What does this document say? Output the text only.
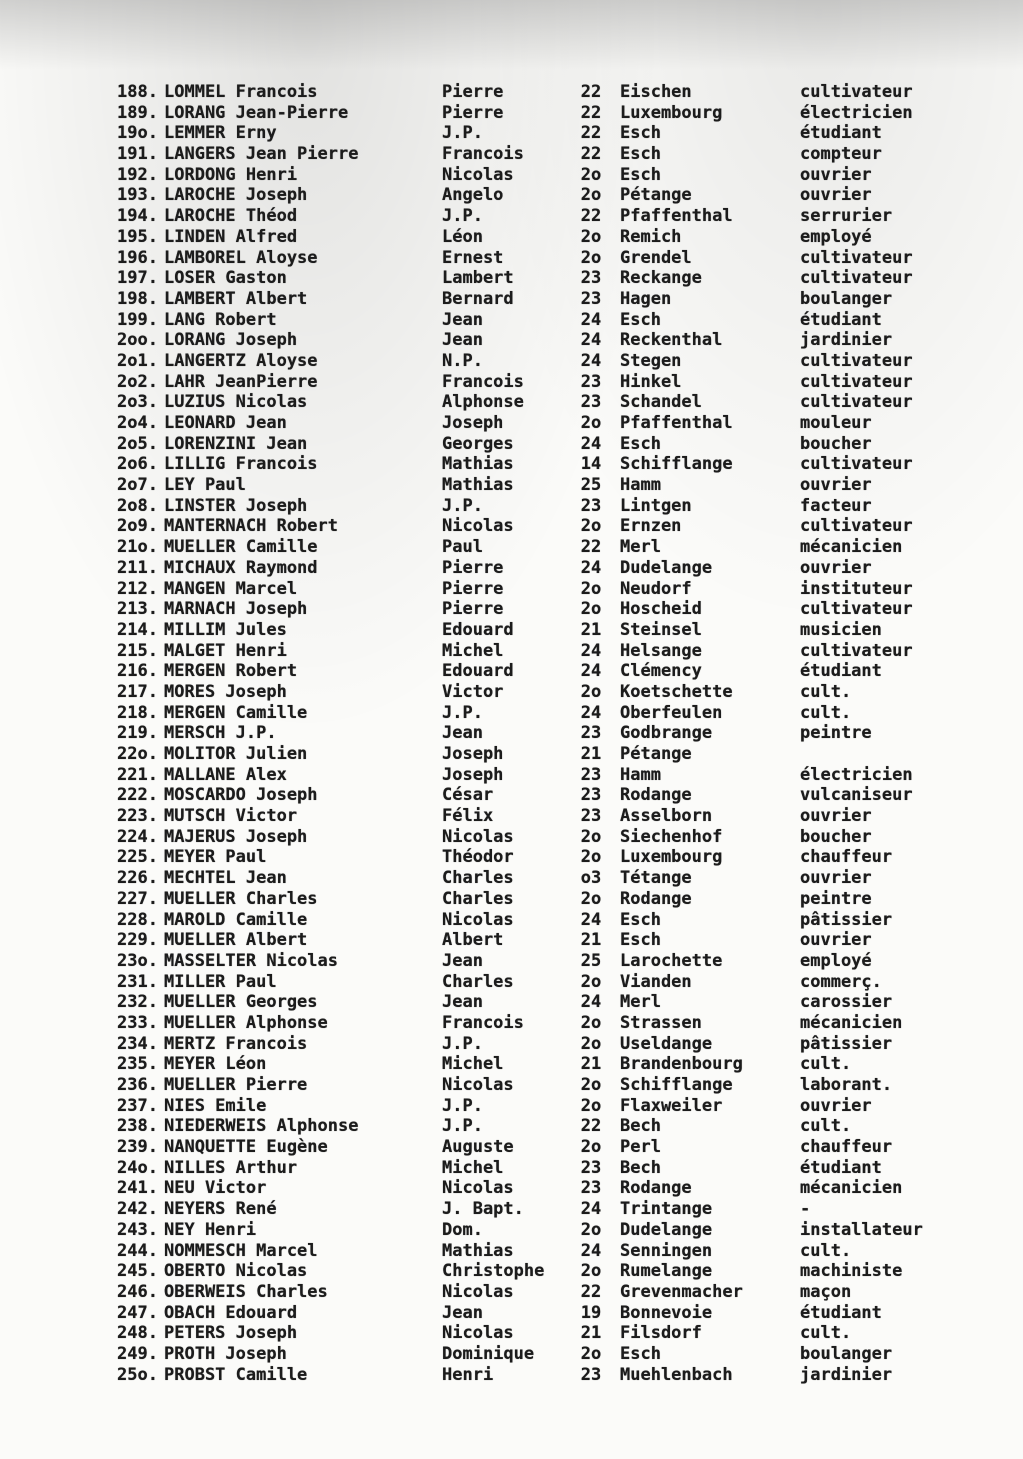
188. LOMMEL Francois	Pierre	22 Eischen	cultivateur
189. LORANG Jean-Pierre	Pierre	22 Luxembourg	électricien
19o. LEMMER Erny	J.P.	22 Esch	étudiant
191. LANGERS Jean Pierre	Francois	22 Esch	compteur
192. LORDONG Henri	Nicolas	2o Esch	ouvrier
193. LAROCHE Joseph	Angelo	2o Pétange	ouvrier
194. LAROCHE Théod	J.P.	22 Pfaffenthal	serrurier
195. LINDEN Alfred	Léon	2o Remich	employé
196. LAMBOREL Aloyse	Ernest	2o Grendel	cultivateur
197. LOSER Gaston	Lambert	23 Reckange	cultivateur
198. LAMBERT Albert	Bernard	23 Hagen	boulanger
199. LANG Robert	Jean	24 Esch	étudiant
2oo. LORANG Joseph	Jean	24 Reckenthal	jardinier
2o1. LANGERTZ Aloyse	N.P.	24 Stegen	cultivateur
2o2. LAHR JeanPierre	Francois	23 Hinkel	cultivateur
2o3. LUZIUS Nicolas	Alphonse	23 Schandel	cultivateur
2o4. LEONARD Jean	Joseph	2o Pfaffenthal	mouleur
2o5. LORENZINI Jean	Georges	24 Esch	boucher
2o6. LILLIG Francois	Mathias	14 Schifflange	cultivateur
2o7. LEY Paul	Mathias	25 Hamm	ouvrier
2o8. LINSTER Joseph	J.P.	23 Lintgen	facteur
2o9. MANTERNACH Robert	Nicolas	2o Ernzen	cultivateur
21o. MUELLER Camille	Paul	22 Merl	mécanicien
211. MICHAUX Raymond	Pierre	24 Dudelange	ouvrier
212. MANGEN Marcel	Pierre	2o Neudorf	instituteur
213. MARNACH Joseph	Pierre	2o Hoscheid	cultivateur
214. MILLIM Jules	Edouard	21 Steinsel	musicien
215. MALGET Henri	Michel	24 Helsange	cultivateur
216. MERGEN Robert	Edouard	24 Clémency	étudiant
217. MORES Joseph	Victor	2o Koetschette	cult.
218. MERGEN Camille	J.P.	24 Oberfeulen	cult.
219. MERSCH J.P.	Jean	23 Godbrange	peintre
22o. MOLITOR Julien	Joseph	21 Pétange
221. MALLANE Alex	Joseph	23 Hamm	électricien
222. MOSCARDO Joseph	César	23 Rodange	vulcaniseur
223. MUTSCH Victor	Félix	23 Asselborn	ouvrier
224. MAJERUS Joseph	Nicolas	2o Siechenhof	boucher
225. MEYER Paul	Théodor	2o Luxembourg	chauffeur
226. MECHTEL Jean	Charles	o3 Tétange	ouvrier
227. MUELLER Charles	Charles	2o Rodange	peintre
228. MAROLD Camille	Nicolas	24 Esch	pâtissier
229. MUELLER Albert	Albert	21 Esch	ouvrier
23o. MASSELTER Nicolas	Jean	25 Larochette	employé
231. MILLER Paul	Charles	2o Vianden	commerç.
232. MUELLER Georges	Jean	24 Merl	carossier
233. MUELLER Alphonse	Francois	2o Strassen	mécanicien
234. MERTZ Francois	J.P.	2o Useldange	pâtissier
235. MEYER Léon	Michel	21 Brandenbourg	cult.
236. MUELLER Pierre	Nicolas	2o Schifflange	laborant.
237. NIES Emile	J.P.	2o Flaxweiler	ouvrier
238. NIEDERWEIS Alphonse	J.P.	22 Bech	cult.
239. NANQUETTE Eugène	Auguste	2o Perl	chauffeur
24o. NILLES Arthur	Michel	23 Bech	étudiant
241. NEU Victor	Nicolas	23 Rodange	mécanicien
242. NEYERS René	J. Bapt.	24 Trintange	-
243. NEY Henri	Dom.	2o Dudelange	installateur
244. NOMMESCH Marcel	Mathias	24 Senningen	cult.
245. OBERTO Nicolas	Christophe 2o Rumelange	machiniste
246. OBERWEIS Charles	Nicolas	22 Grevenmacher	maçon
247. OBACH Edouard	Jean	19 Bonnevoie	étudiant
248. PETERS Joseph	Nicolas	21 Filsdorf	cult.
249. PROTH Joseph	Dominique	2o Esch	boulanger
25o. PROBST Camille	Henri	23 Muehlenbach	jardinier
